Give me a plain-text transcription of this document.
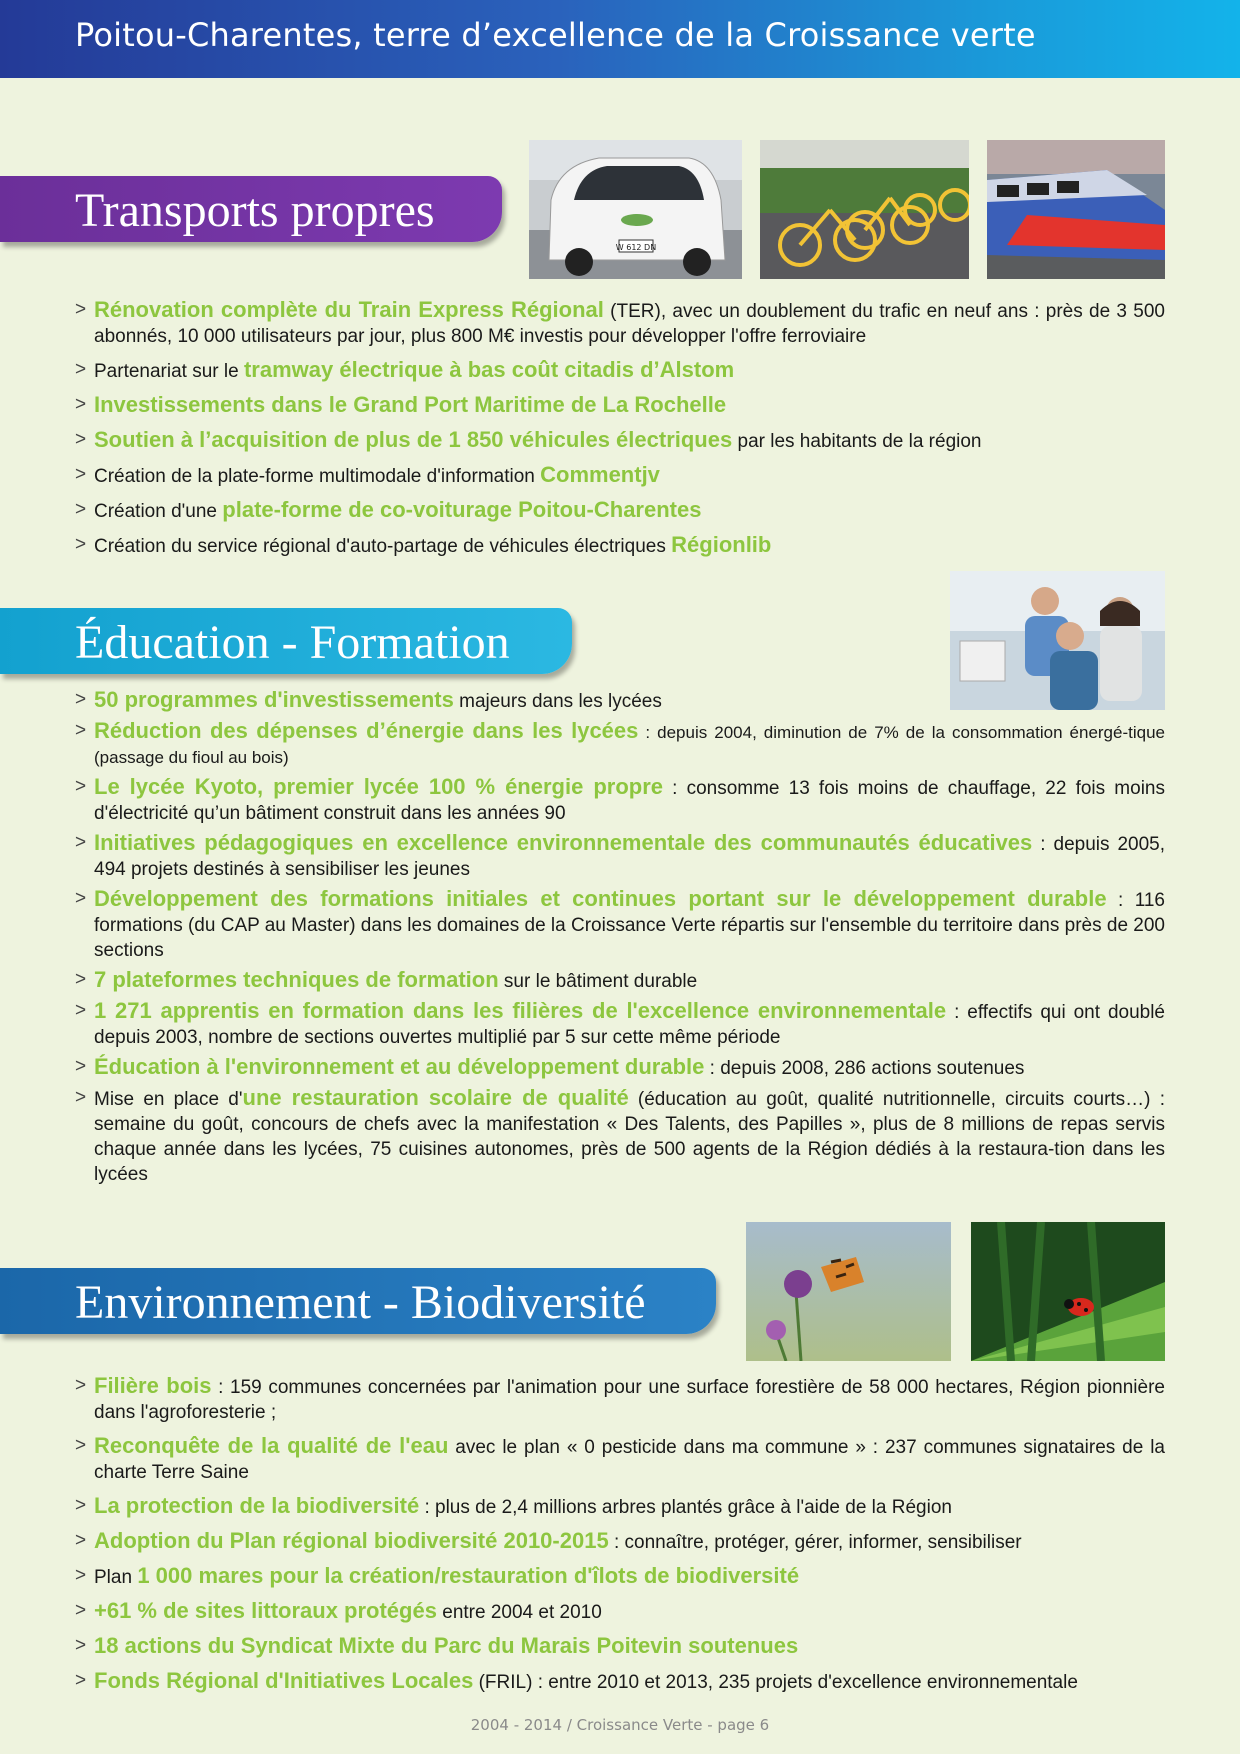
Poitou-Charentes, terre d’excellence de la Croissance verte
Transports propres
W 612 DN
> Rénovation complète du Train Express Régional (TER), avec un doublement du trafic en neuf ans : près de 3 500 abonnés, 10 000 utilisateurs par jour, plus 800 M€ investis pour développer l'offre ferroviaire
> Partenariat sur le tramway électrique à bas coût citadis d’Alstom
> Investissements dans le Grand Port Maritime de La Rochelle
> Soutien à l’acquisition de plus de 1 850 véhicules électriques par les habitants de la région
> Création de la plate-forme multimodale d'information Commentjv
> Création d'une plate-forme de co-voiturage Poitou-Charentes
> Création du service régional d'auto-partage de véhicules électriques Régionlib
Éducation - Formation
> 50 programmes d'investissements majeurs dans les lycées
> Réduction des dépenses d’énergie dans les lycées : depuis 2004, diminution de 7% de la consommation énergé-tique (passage du fioul au bois)
> Le lycée Kyoto, premier lycée 100 % énergie propre : consomme 13 fois moins de chauffage, 22 fois moins d'électricité qu’un bâtiment construit dans les années 90
> Initiatives pédagogiques en excellence environnementale des communautés éducatives : depuis 2005, 494 projets destinés à sensibiliser les jeunes
> Développement des formations initiales et continues portant sur le développement durable : 116 formations (du CAP au Master) dans les domaines de la Croissance Verte répartis sur l'ensemble du territoire dans près de 200 sections
> 7 plateformes techniques de formation sur le bâtiment durable
> 1 271 apprentis en formation dans les filières de l'excellence environnementale : effectifs qui ont doublé depuis 2003, nombre de sections ouvertes multiplié par 5 sur cette même période
> Éducation à l'environnement et au développement durable : depuis 2008, 286 actions soutenues
> Mise en place d'une restauration scolaire de qualité (éducation au goût, qualité nutritionnelle, circuits courts…) : semaine du goût, concours de chefs avec la manifestation « Des Talents, des Papilles », plus de 8 millions de repas servis chaque année dans les lycées, 75 cuisines autonomes, près de 500 agents de la Région dédiés à la restaura-tion dans les lycées
Environnement - Biodiversité
> Filière bois : 159 communes concernées par l'animation pour une surface forestière de 58 000 hectares, Région pionnière dans l'agroforesterie ;
> Reconquête de la qualité de l'eau avec le plan « 0 pesticide dans ma commune » : 237 communes signataires de la charte Terre Saine
> La protection de la biodiversité : plus de 2,4 millions arbres plantés grâce à l'aide de la Région
> Adoption du Plan régional biodiversité 2010-2015 : connaître, protéger, gérer, informer, sensibiliser
> Plan 1 000 mares pour la création/restauration d'îlots de biodiversité
> +61 % de sites littoraux protégés entre 2004 et 2010
> 18 actions du Syndicat Mixte du Parc du Marais Poitevin soutenues
> Fonds Régional d'Initiatives Locales (FRIL) : entre 2010 et 2013, 235 projets d'excellence environnementale
2004 - 2014 / Croissance Verte - page 6
